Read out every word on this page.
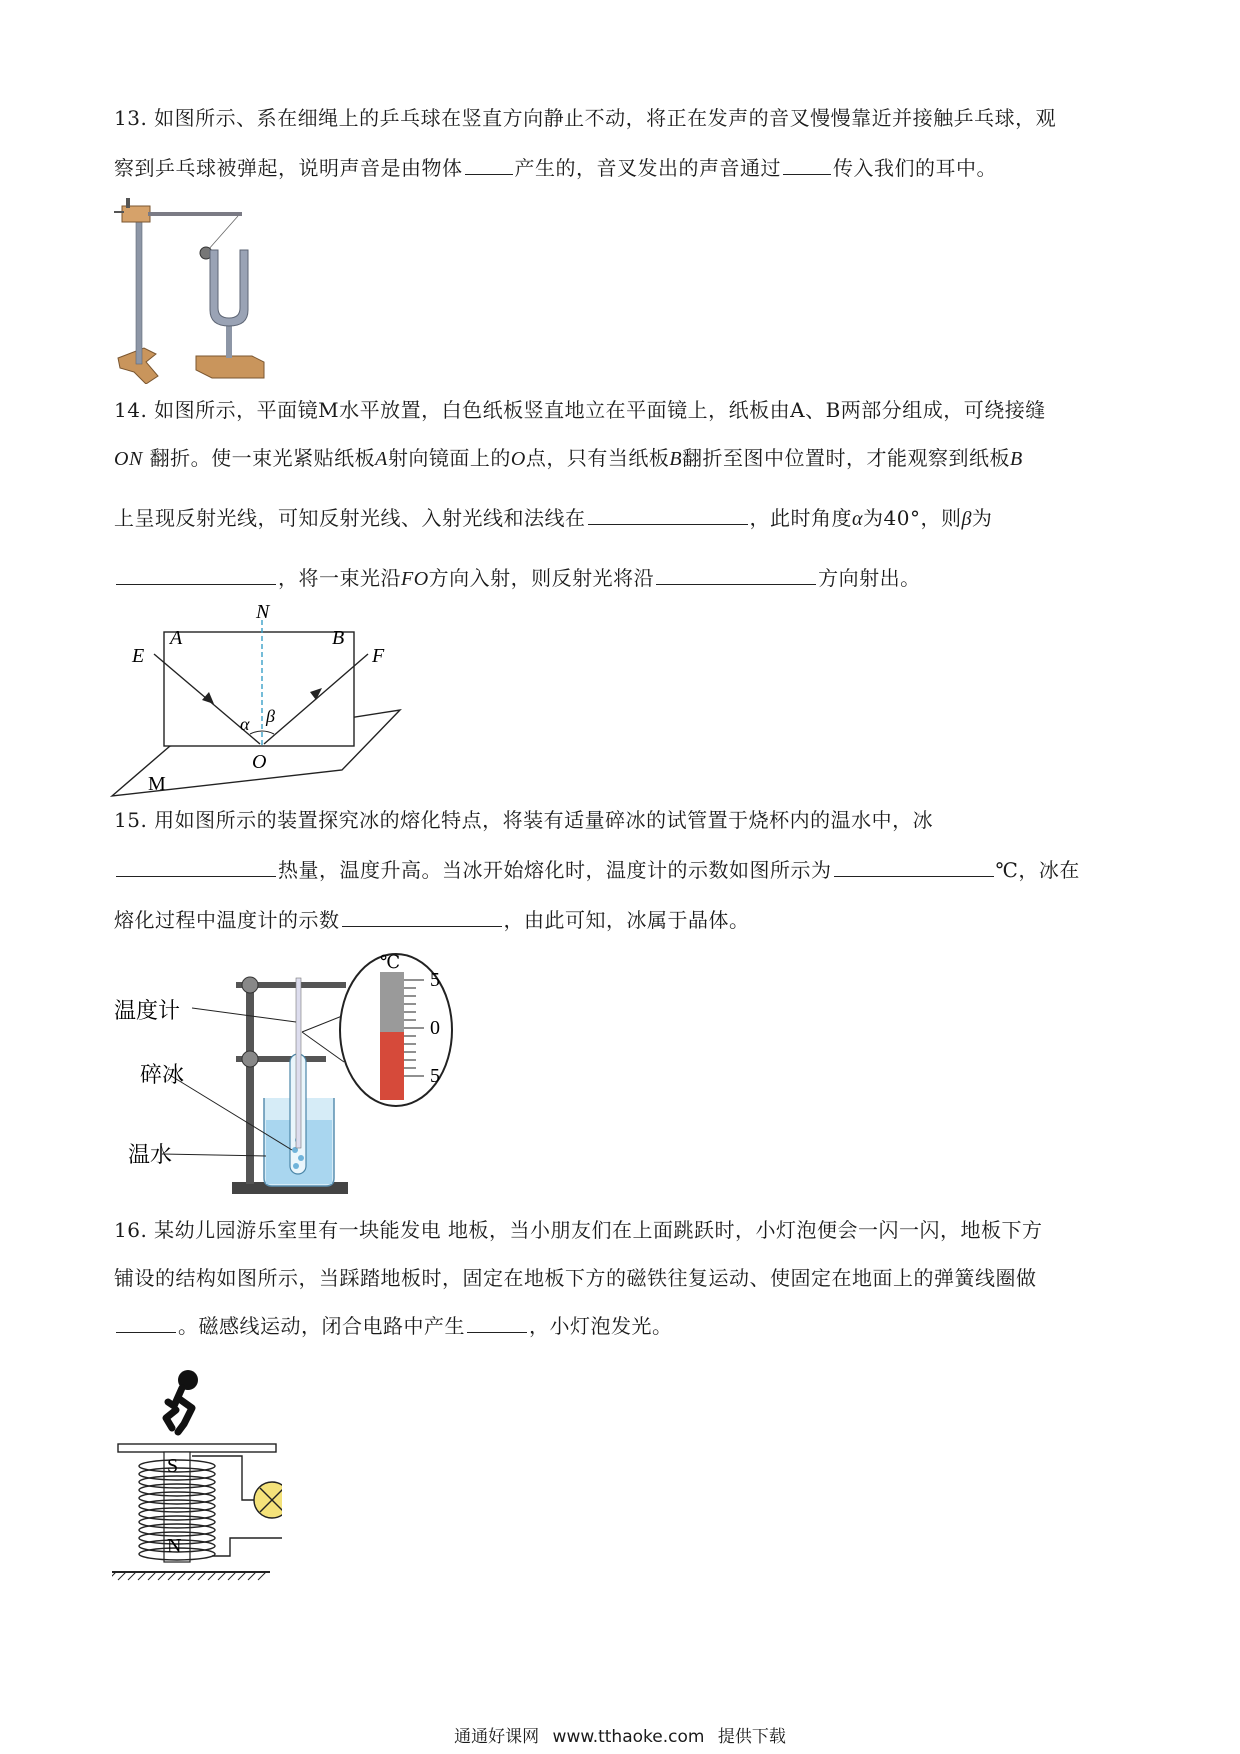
13. 如图所示、系在细绳上的乒乓球在竖直方向静止不动，将正在发声的音叉慢慢靠近并接触乒乓球，观
察到乒乓球被弹起，说明声音是由物体	产生的，音叉发出的声音通过	传入我们的耳中。
14. 如图所示，平面镜M水平放置，白色纸板竖直地立在平面镜上，纸板由A、B两部分组成，可绕接缝
ON 翻折。使一束光紧贴纸板A射向镜面上的O点，只有当纸板B翻折至图中位置时，才能观察到纸板B
上呈现反射光线，可知反射光线、入射光线和法线在	，此时角度α为40°，则β为
，将一束光沿FO方向入射，则反射光将沿	方向射出。
N
A	B
E	F
α β
O
M
15. 用如图所示的装置探究冰的熔化特点，将装有适量碎冰的试管置于烧杯内的温水中，冰
热量，温度升高。当冰开始熔化时，温度计的示数如图所示为	℃，冰在
熔化过程中温度计的示数	，由此可知，冰属于晶体。
温度计
碎冰
温水
℃
5
0
5
16. 某幼儿园游乐室里有一块能发电 地板，当小朋友们在上面跳跃时，小灯泡便会一闪一闪，地板下方
铺设的结构如图所示，当踩踏地板时，固定在地板下方的磁铁往复运动、使固定在地面上的弹簧线圈做
。磁感线运动，闭合电路中产生	，小灯泡发光。
S
N
通通好课网 www.tthaoke.com 提供下载
